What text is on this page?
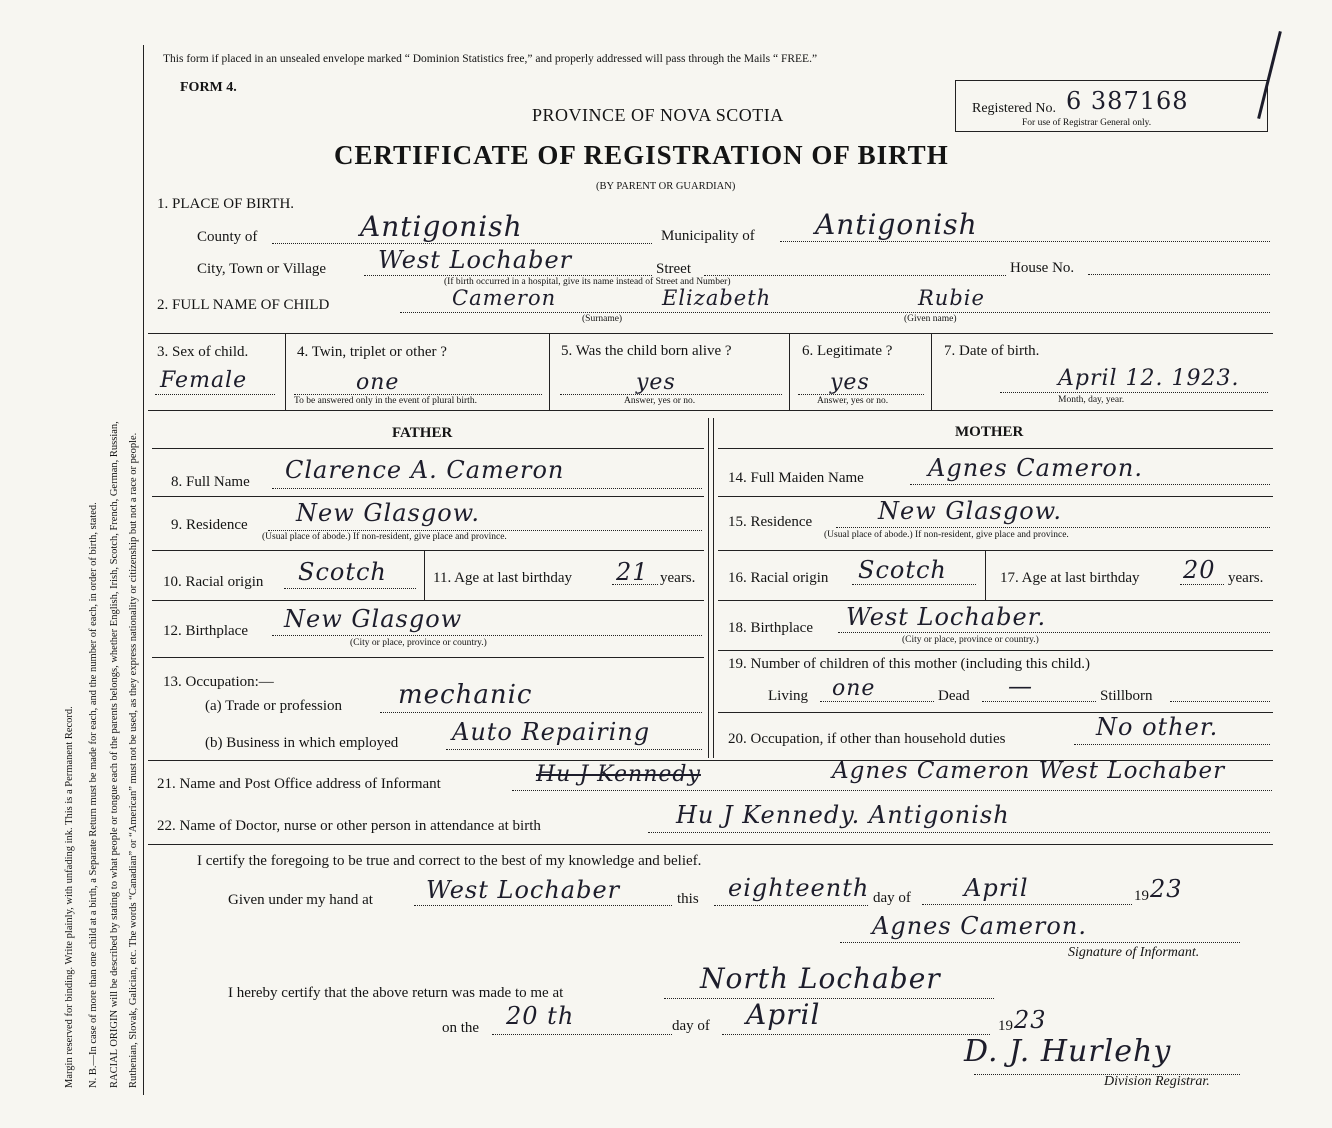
Margin reserved for binding. Write plainly, with unfading ink. This is a Permanent Record. N. B.—In case of more than one child at a birth, a Separate Return must be made for each, and the number of each, in order of birth, stated. RACIAL ORIGIN will be described by stating to what people or tongue each of the parents belongs, whether English, Irish, Scotch, French, German, Russian, Ruthenian, Slovak, Galician, etc. The words “Canadian” or “American” must not be used, as they express nationality or citizenship but not a race or people.
This form if placed in an unsealed envelope marked “ Dominion Statistics free,” and properly addressed will pass through the Mails “ FREE.”
FORM 4.
PROVINCE OF NOVA SCOTIA
CERTIFICATE OF REGISTRATION OF BIRTH
(BY PARENT OR GUARDIAN)
Registered No. 6 387168
For use of Registrar General only.
1. PLACE OF BIRTH.
County of	Antigonish	Municipality of Antigonish
City, Town or Village West Lochaber	Street	House No.
(If birth occurred in a hospital, give its name instead of Street and Number)
2. FULL NAME OF CHILD	Cameron	Elizabeth	Rubie
(Surname)	(Given name)
3. Sex of child.
Female
4. Twin, triplet or other ?
one
To be answered only in the event of plural birth.
5. Was the child born alive ?
yes
Answer, yes or no.
6. Legitimate ?
yes
Answer, yes or no.
7. Date of birth.
April 12. 1923.
Month, day, year.
FATHER	MOTHER
8. Full Name Clarence A. Cameron
9. Residence New Glasgow.
(Usual place of abode.) If non-resident, give place and province.
10. Racial origin Scotch	11. Age at last birthday 21 years.
12. Birthplace New Glasgow
(City or place, province or country.)
13. Occupation:—
(a) Trade or profession mechanic
(b) Business in which employed Auto Repairing
14. Full Maiden Name	Agnes Cameron.
15. Residence	New Glasgow.
(Usual place of abode.) If non-resident, give place and province.
16. Racial origin Scotch	17. Age at last birthday 20 years.
18. Birthplace West Lochaber.
(City or place, province or country.)
19. Number of children of this mother (including this child.)
Living one	Dead —	Stillborn
20. Occupation, if other than household duties	No other.
21. Name and Post Office address of Informant	Hu J Kennedy	Agnes Cameron West Lochaber
22. Name of Doctor, nurse or other person in attendance at birth	Hu J Kennedy. Antigonish
I certify the foregoing to be true and correct to the best of my knowledge and belief.
Given under my hand at West Lochaber	this eighteenth day of April	19 23
Agnes Cameron.
Signature of Informant.
I hereby certify that the above return was made to me at	North Lochaber
on the 20 th	day of April	19 23
D. J. Hurlehy
Division Registrar.
